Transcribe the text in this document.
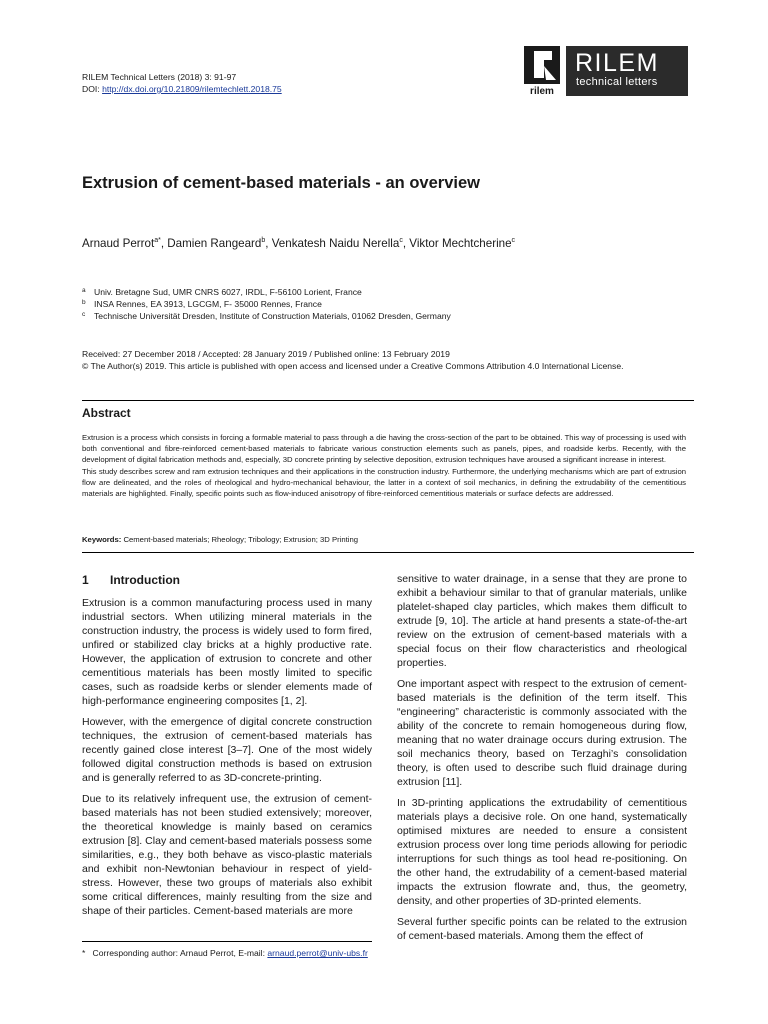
RILEM Technical Letters (2018) 3: 91-97
DOI: http://dx.doi.org/10.21809/rilemtechlett.2018.75	rilem
RILEM
technical letters
Extrusion of cement-based materials - an overview
Arnaud Perrot$^{a*}$, Damien Rangeard$^b$, Venkatesh Naidu Nerella$^c$, Viktor Mechtcherine$^c$
a Univ. Bretagne Sud, UMR CNRS 6027, IRDL, F-56100 Lorient, France
b INSA Rennes, EA 3913, LGCGM, F- 35000 Rennes, France
c	Technische Universität Dresden, Institute of Construction Materials, 01062 Dresden, Germany
Received: 27 December 2018 / Accepted: 28 January 2019 / Published online: 13 February 2019
© The Author(s) 2019. This article is published with open access and licensed under a Creative Commons Attribution 4.0 International License.
Abstract

Extrusion is a process which consists in forcing a formable material to pass through a die having the cross-section of the part to be obtained. This way of processing is used with both conventional and fibre-reinforced cement-based materials to fabricate various construction elements such as panels, pipes, and roadside kerbs. Recently, with the development of digital fabrication methods and, especially, 3D concrete printing by selective deposition, extrusion techniques have aroused a significant increase in interest.

This study describes screw and ram extrusion techniques and their applications in the construction industry. Furthermore, the underlying mechanisms which are part of extrusion flow are delineated, and the roles of rheological and hydro-mechanical behaviour, the latter in a context of soil mechanics, in defining the extrudability of the cementitious materials are highlighted. Finally, specific points such as flow-induced anisotropy of fibre-reinforced cementitious materials or surface defects are addressed.

Keywords: Cement-based materials; Rheology; Tribology; Extrusion; 3D Printing

1 Introduction

Extrusion is a common manufacturing process used in many industrial sectors. When utilizing mineral materials in the construction industry, the process is widely used to form fired, unfired or stabilized clay bricks at a highly productive rate. However, the application of extrusion to concrete and other cementitious materials has been mostly limited to specific cases, such as roadside kerbs or slender elements made of high-performance engineering composites [1, 2].

However, with the emergence of digital concrete construction techniques, the extrusion of cement-based materials has recently gained close interest [3–7]. One of the most widely followed digital construction methods is based on extrusion and is generally referred to as 3D-concrete-printing.

Due to its relatively infrequent use, the extrusion of cement-based materials has not been studied extensively; moreover, the theoretical knowledge is mainly based on ceramics extrusion [8]. Clay and cement-based materials possess some similarities, e.g., they both behave as visco-plastic materials and exhibit non-Newtonian behaviour in respect of yield-stress. However, these two groups of materials also exhibit some critical differences, mainly resulting from the size and shape of their particles. Cement-based materials are more

sensitive to water drainage, in a sense that they are prone to exhibit a behaviour similar to that of granular materials, unlike platelet-shaped clay particles, which makes them difficult to extrude [9, 10]. The article at hand presents a state-of-the-art review on the extrusion of cement-based materials with a special focus on their flow characteristics and rheological properties.

One important aspect with respect to the extrusion of cement-based materials is the definition of the term itself. This “engineering” characteristic is commonly associated with the ability of the concrete to remain homogeneous during flow, meaning that no water drainage occurs during extrusion. The soil mechanics theory, based on Terzaghi’s consolidation theory, is often used to describe such fluid drainage during extrusion [11].

In 3D-printing applications the extrudability of cementitious materials plays a decisive role. On one hand, systematically optimised mixtures are needed to ensure a consistent extrusion process over long time periods allowing for periodic interruptions for such things as tool head re-positioning. On the other hand, the extrudability of a cement-based material impacts the extrusion flowrate and, thus, the geometry, density, and other properties of 3D-printed elements.

Several further specific points can be related to the extrusion of cement-based materials. Among them the effect of

* Corresponding author: Arnaud Perrot, E-mail: arnaud.perrot@univ-ubs.fr
